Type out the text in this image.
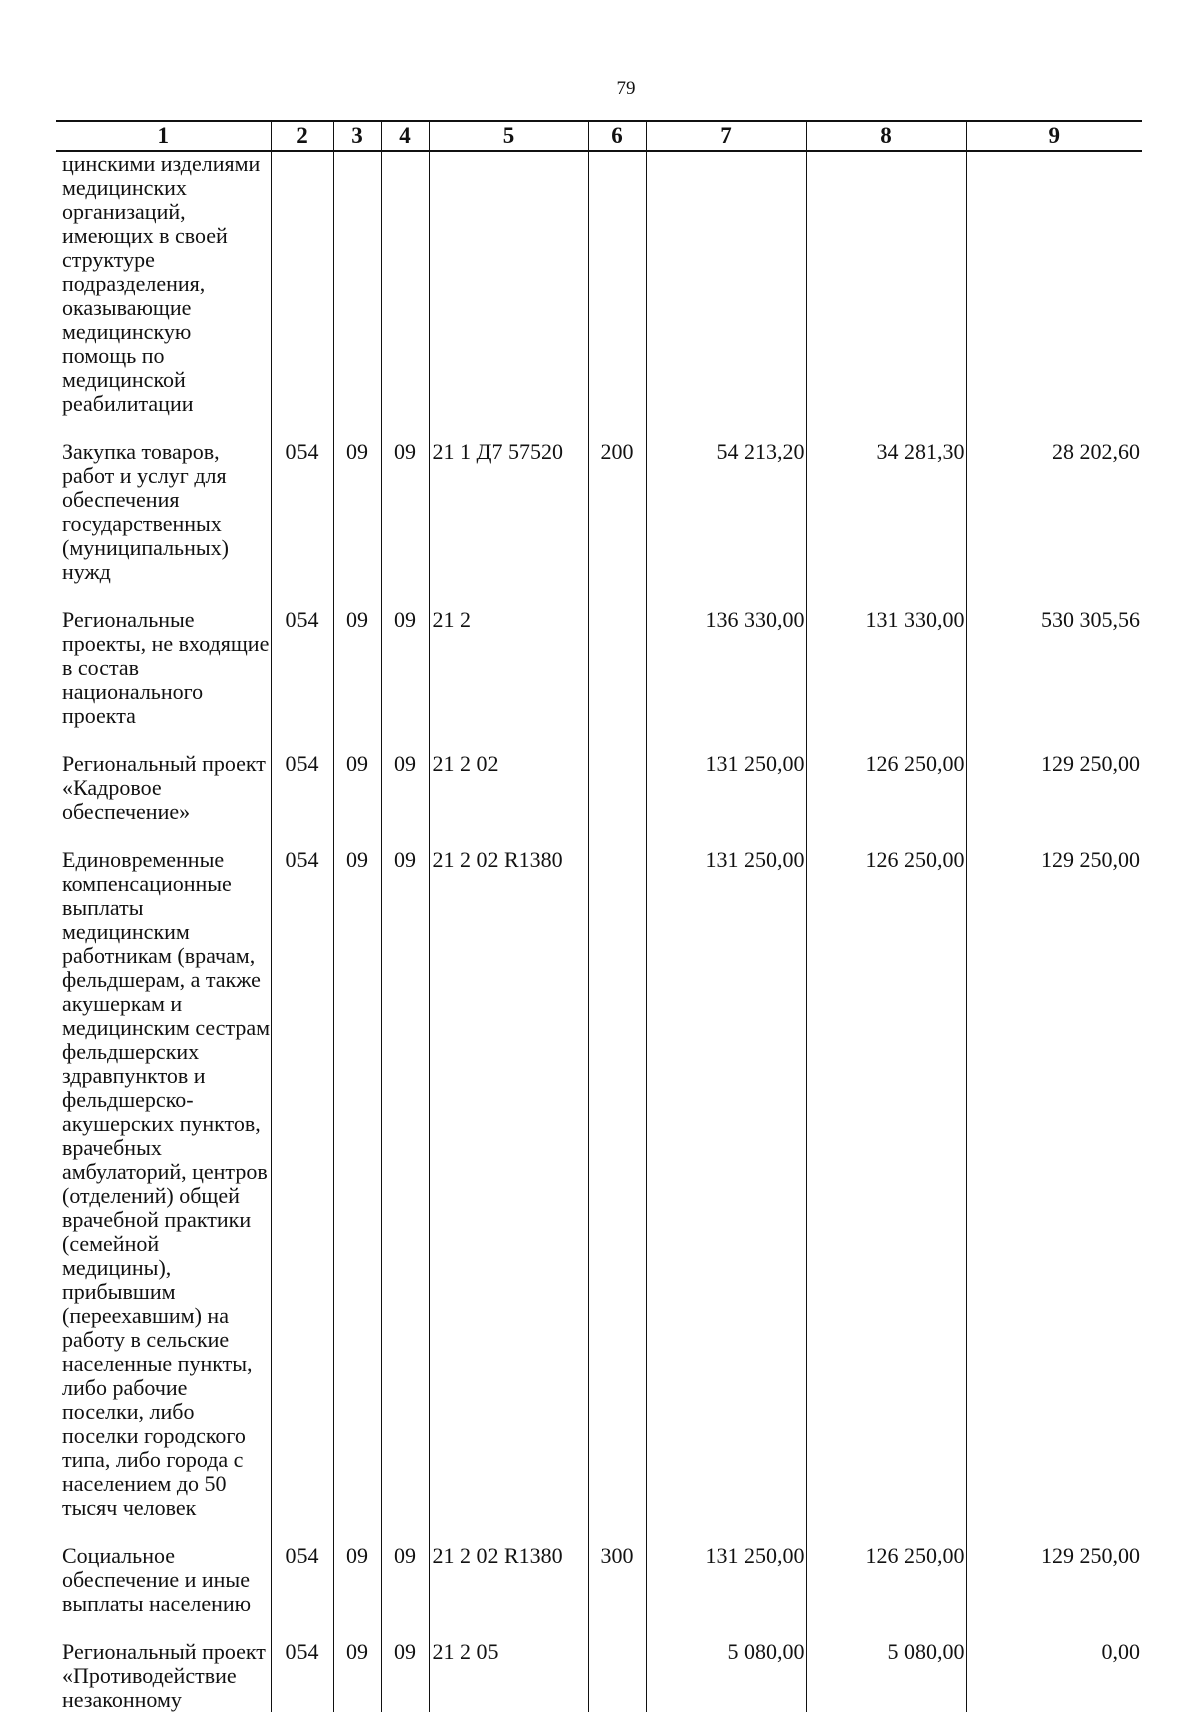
79
1	2	3	4	5	6	7	8	9
цинскими изделиями медицинских организаций, имеющих в своей структуре подразделения, оказывающие медицинскую помощь по медицинской реабилитации								
Закупка товаров, работ и услуг для обеспечения государственных (муниципальных) нужд	054	09	09	21 1 Д7 57520	200	54 213,20	34 281,30	28 202,60
Региональные проекты, не входящие в состав национального проекта	054	09	09	21 2		136 330,00	131 330,00	530 305,56
Региональный проект «Кадровое обеспечение»	054	09	09	21 2 02		131 250,00	126 250,00	129 250,00
Единовременные компенсационные выплаты медицинским работникам (врачам, фельдшерам, а также акушеркам и медицинским сестрам фельдшерских здравпунктов и фельдшерско-акушерских пунктов, врачебных амбулаторий, центров (отделений) общей врачебной практики (семейной медицины), прибывшим (переехавшим) на работу в сельские населенные пункты, либо рабочие поселки, либо поселки городского типа, либо города с населением до 50 тысяч человек	054	09	09	21 2 02 R1380		131 250,00	126 250,00	129 250,00
Социальное обеспечение и иные выплаты населению	054	09	09	21 2 02 R1380	300	131 250,00	126 250,00	129 250,00
Региональный проект «Противодействие незаконному	054	09	09	21 2 05		5 080,00	5 080,00	0,00
